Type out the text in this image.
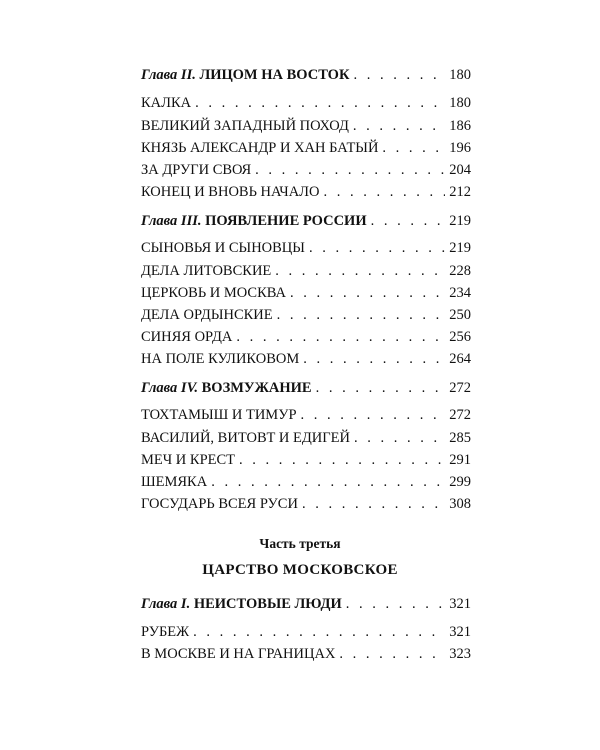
Глава II. ЛИЦОМ НА ВОСТОК . . .	180
КАЛКА . . .	180
ВЕЛИКИЙ ЗАПАДНЫЙ ПОХОД . . .	186
КНЯЗЬ АЛЕКСАНДР И ХАН БАТЫЙ . . .	196
ЗА ДРУГИ СВОЯ . . .	204
КОНЕЦ И ВНОВЬ НАЧАЛО . . .	212
Глава III. ПОЯВЛЕНИЕ РОССИИ . . .	219
СЫНОВЬЯ И СЫНОВЦЫ . . .	219
ДЕЛА ЛИТОВСКИЕ . . .	228
ЦЕРКОВЬ И МОСКВА . . .	234
ДЕЛА ОРДЫНСКИЕ . . .	250
СИНЯЯ ОРДА . . .	256
НА ПОЛЕ КУЛИКОВОМ . . .	264
Глава IV. ВОЗМУЖАНИЕ . . .	272
ТОХТАМЫШ И ТИМУР . . .	272
ВАСИЛИЙ, ВИТОВТ И ЕДИГЕЙ . . .	285
МЕЧ И КРЕСТ . . .	291
ШЕМЯКА . . .	299
ГОСУДАРЬ ВСЕЯ РУСИ . . .	308
Часть третья
ЦАРСТВО МОСКОВСКОЕ
Глава I. НЕИСТОВЫЕ ЛЮДИ . . .	321
РУБЕЖ . . .	321
В МОСКВЕ И НА ГРАНИЦАХ . . .	323
